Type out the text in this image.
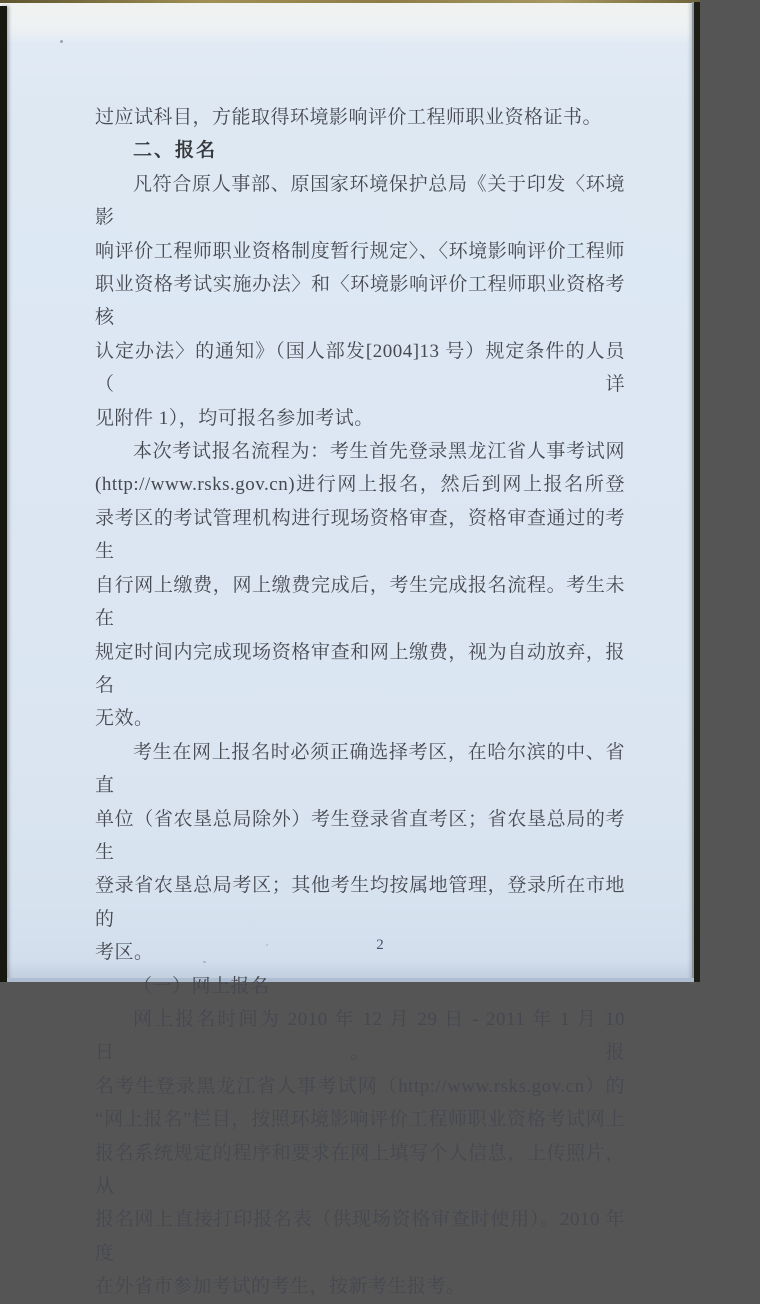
过应试科目，方能取得环境影响评价工程师职业资格证书。
二、报名
凡符合原人事部、原国家环境保护总局《关于印发〈环境影
响评价工程师职业资格制度暂行规定〉、〈环境影响评价工程师
职业资格考试实施办法〉和〈环境影响评价工程师职业资格考核
认定办法〉的通知》（国人部发[2004]13 号）规定条件的人员（详
见附件 1），均可报名参加考试。
本次考试报名流程为：考生首先登录黑龙江省人事考试网
(http://www.rsks.gov.cn)进行网上报名，然后到网上报名所登
录考区的考试管理机构进行现场资格审查，资格审查通过的考生
自行网上缴费，网上缴费完成后，考生完成报名流程。考生未在
规定时间内完成现场资格审查和网上缴费，视为自动放弃，报名
无效。
考生在网上报名时必须正确选择考区，在哈尔滨的中、省直
单位（省农垦总局除外）考生登录省直考区；省农垦总局的考生
登录省农垦总局考区；其他考生均按属地管理，登录所在市地的
考区。
（一）网上报名
网上报名时间为 2010 年 12 月 29 日 - 2011 年 1 月 10 日。报
名考生登录黑龙江省人事考试网（http://www.rsks.gov.cn）的
“网上报名”栏目，按照环境影响评价工程师职业资格考试网上
报名系统规定的程序和要求在网上填写个人信息，上传照片，从
报名网上直接打印报名表（供现场资格审查时使用）。2010 年度
在外省市参加考试的考生，按新考生报考。
2
